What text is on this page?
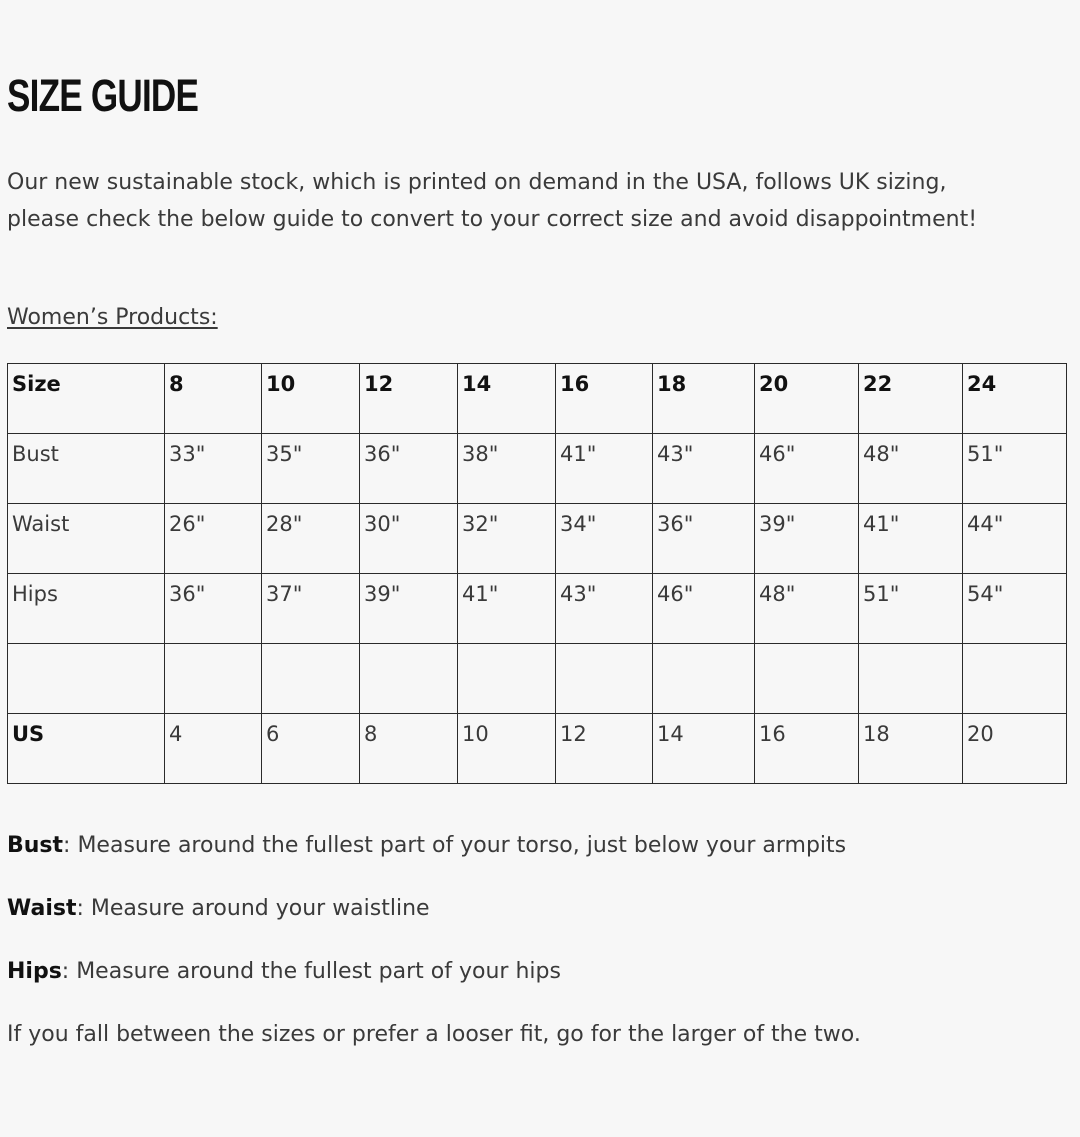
SIZE GUIDE

Our new sustainable stock, which is printed on demand in the USA, follows UK sizing, please check the below guide to convert to your correct size and avoid disappointment!

Women’s Products:

Size	8	10	12	14	16	18	20	22	24
Bust	33"	35"	36"	38"	41"	43"	46"	48"	51"
Waist	26"	28"	30"	32"	34"	36"	39"	41"	44"
Hips	36"	37"	39"	41"	43"	46"	48"	51"	54"

US	4	6	8	10	12	14	16	18	20

Bust: Measure around the fullest part of your torso, just below your armpits

Waist: Measure around your waistline

Hips: Measure around the fullest part of your hips

If you fall between the sizes or prefer a looser fit, go for the larger of the two.
